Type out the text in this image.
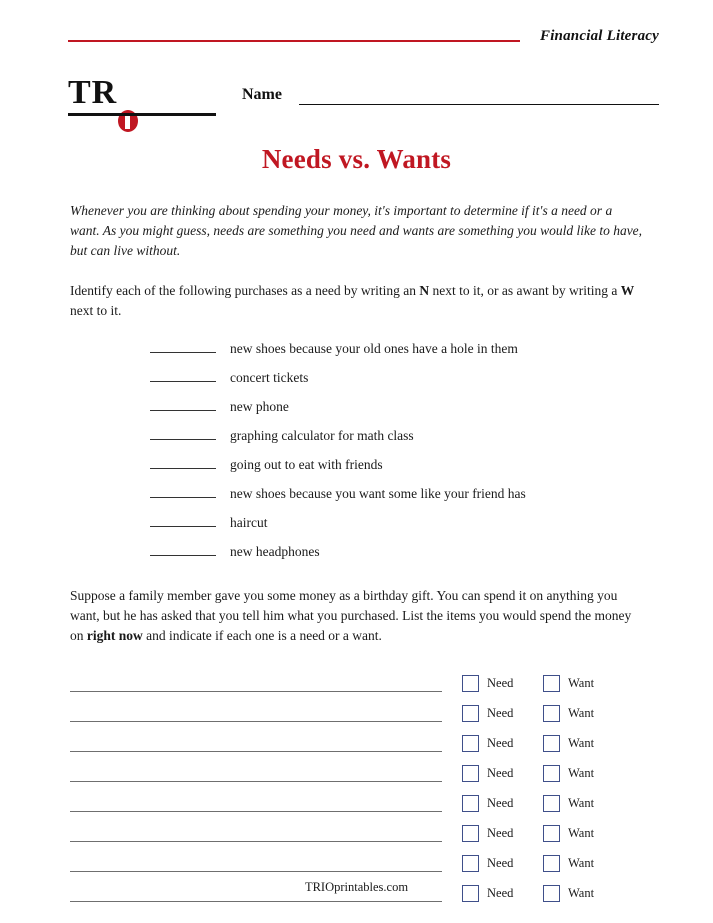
Financial Literacy
TR	Name
Needs vs. Wants
Whenever you are thinking about spending your money, it's important to determine if it's a need or a want. As you might guess, needs are something you need and wants are something you would like to have, but can live without.
Identify each of the following purchases as a need by writing an N next to it, or as awant by writing a W next to it.
new shoes because your old ones have a hole in them
concert tickets
new phone
graphing calculator for math class
going out to eat with friends
new shoes because you want some like your friend has
haircut
new headphones
Suppose a family member gave you some money as a birthday gift. You can spend it on anything you want, but he has asked that you tell him what you purchased. List the items you would spend the money on right now and indicate if each one is a need or a want.
Need	Want
Need	Want
Need	Want
Need	Want
Need	Want
Need	Want
Need	Want
Need	Want
TRIOprintables.com
